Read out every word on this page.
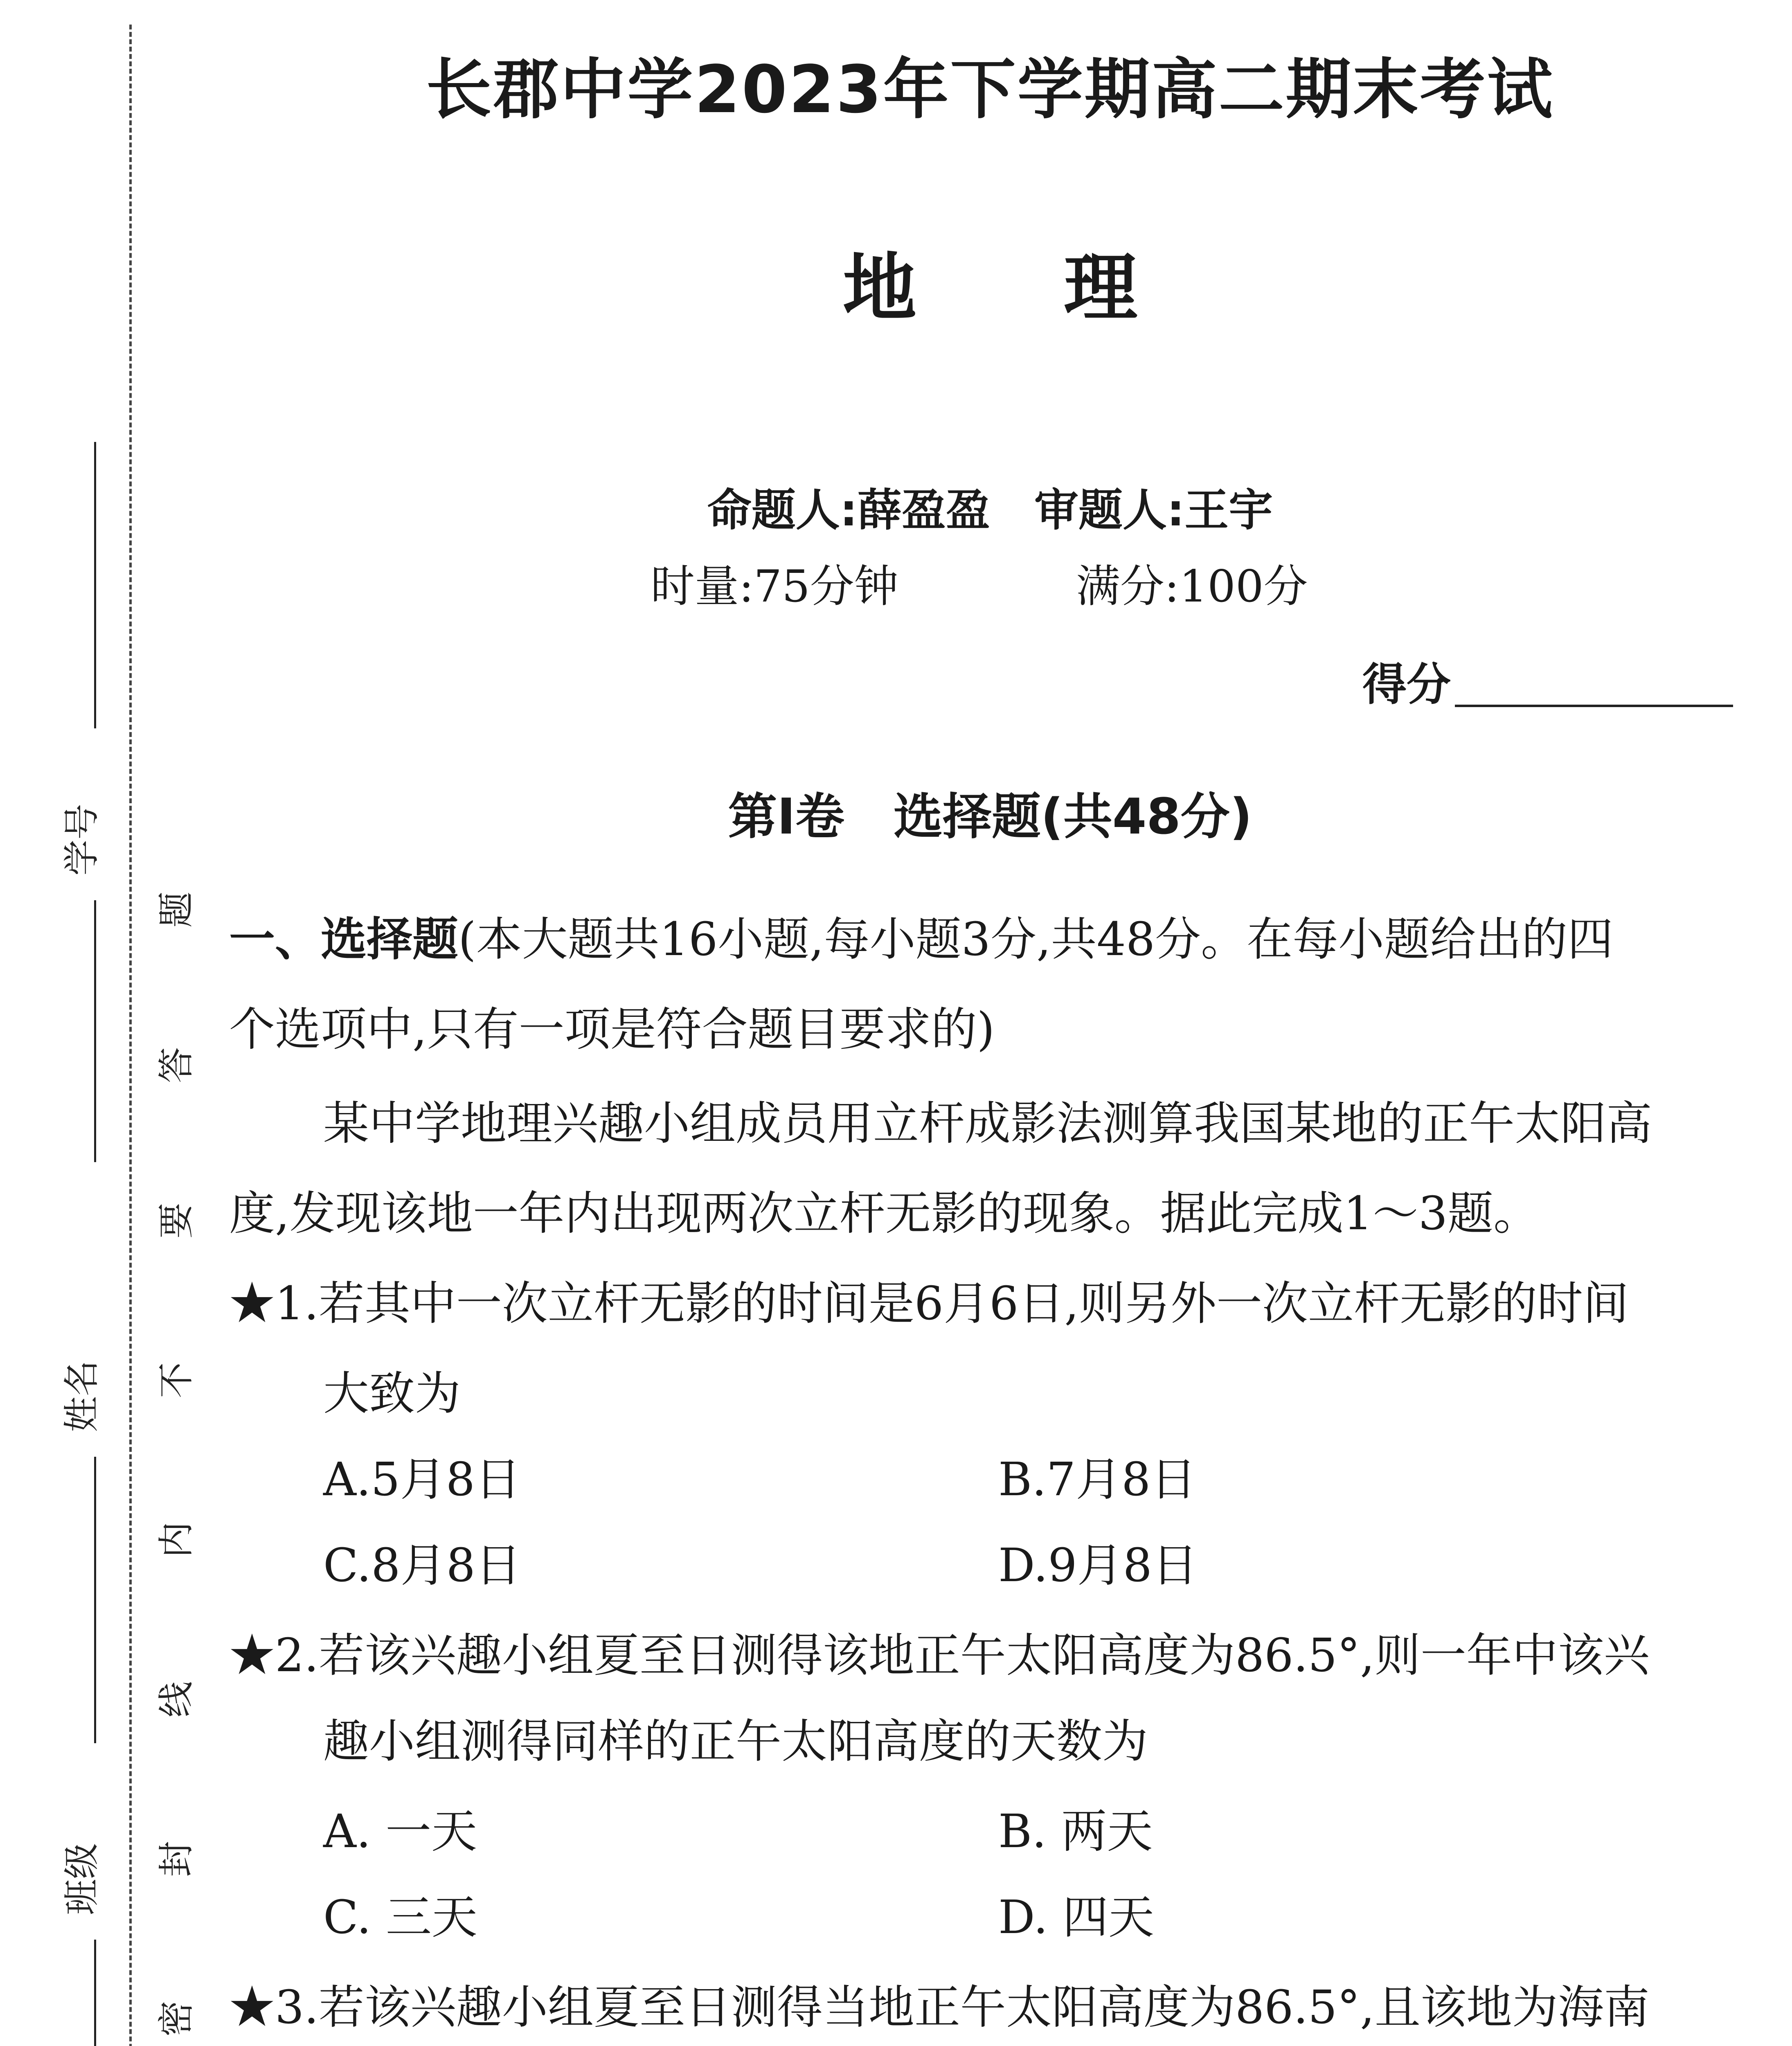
学号
姓名
班级
题
答
要
不
内
线
封
密
长郡中学2023年下学期高二期末考试
地　　理
命题人:薛盈盈　审题人:王宇
时量:75分钟	满分:100分
得分
第Ⅰ卷　选择题(共48分)
一、选择题(本大题共16小题,每小题3分,共48分。在每小题给出的四
个选项中,只有一项是符合题目要求的)
某中学地理兴趣小组成员用立杆成影法测算我国某地的正午太阳高
度,发现该地一年内出现两次立杆无影的现象。据此完成1～3题。
★1.若其中一次立杆无影的时间是6月6日,则另外一次立杆无影的时间
大致为
A.5月8日	B.7月8日
C.8月8日	D.9月8日
★2.若该兴趣小组夏至日测得该地正午太阳高度为86.5°,则一年中该兴
趣小组测得同样的正午太阳高度的天数为
A. 一天	B. 两天
C. 三天	D. 四天
★3.若该兴趣小组夏至日测得当地正午太阳高度为86.5°,且该地为海南
